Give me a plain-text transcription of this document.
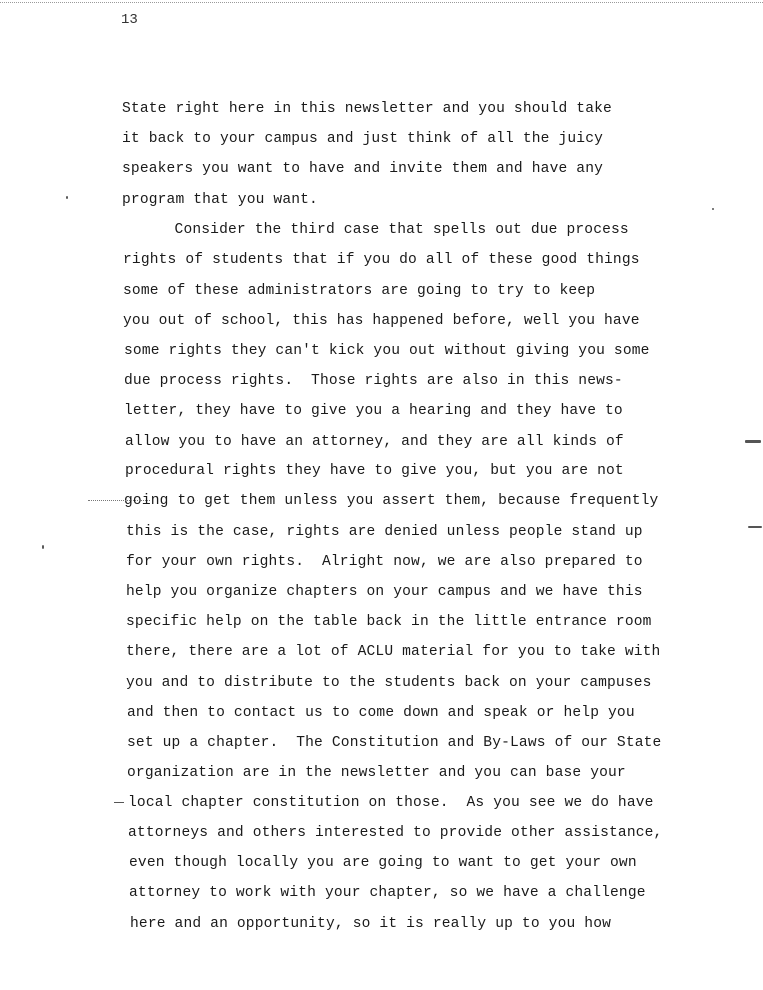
13
State right here in this newsletter and you should take
it back to your campus and just think of all the juicy
speakers you want to have and invite them and have any
program that you want.
Consider the third case that spells out due process
rights of students that if you do all of these good things
some of these administrators are going to try to keep
you out of school, this has happened before, well you have
some rights they can't kick you out without giving you some
due process rights.  Those rights are also in this news-
letter, they have to give you a hearing and they have to
allow you to have an attorney, and they are all kinds of
procedural rights they have to give you, but you are not
going to get them unless you assert them, because frequently
this is the case, rights are denied unless people stand up
for your own rights.  Alright now, we are also prepared to
help you organize chapters on your campus and we have this
specific help on the table back in the little entrance room
there, there are a lot of ACLU material for you to take with
you and to distribute to the students back on your campuses
and then to contact us to come down and speak or help you
set up a chapter.  The Constitution and By-Laws of our State
organization are in the newsletter and you can base your
local chapter constitution on those.  As you see we do have
attorneys and others interested to provide other assistance,
even though locally you are going to want to get your own
attorney to work with your chapter, so we have a challenge
here and an opportunity, so it is really up to you how
